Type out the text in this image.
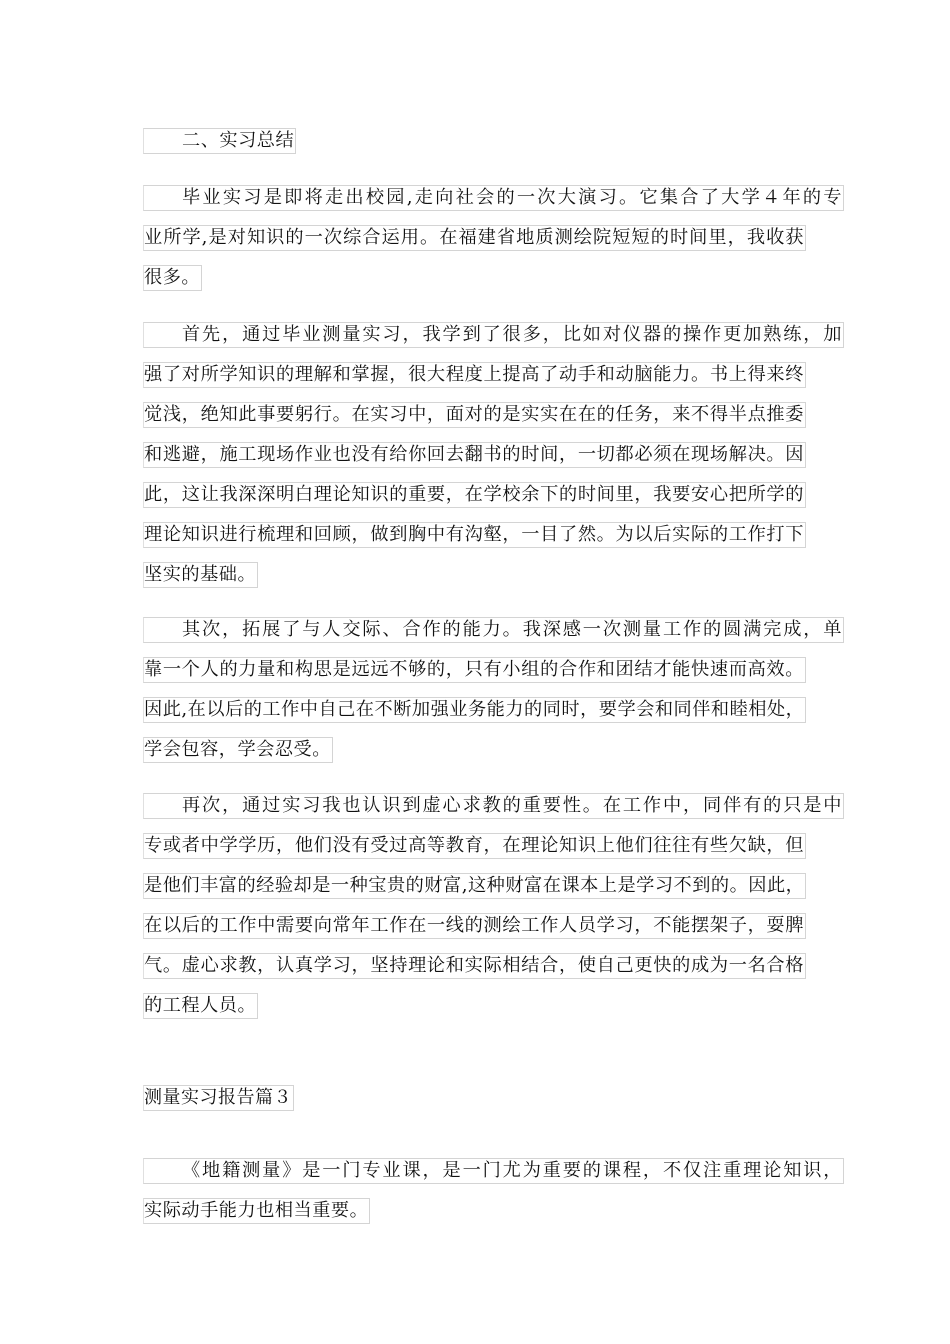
二、实习总结
毕业实习是即将走出校园,走向社会的一次大演习。它集合了大学４年的专
业所学,是对知识的一次综合运用。在福建省地质测绘院短短的时间里，我收获
很多。
首先，通过毕业测量实习，我学到了很多，比如对仪器的操作更加熟练，加
强了对所学知识的理解和掌握，很大程度上提高了动手和动脑能力。书上得来终
觉浅，绝知此事要躬行。在实习中，面对的是实实在在的任务，来不得半点推委
和逃避，施工现场作业也没有给你回去翻书的时间，一切都必须在现场解决。因
此，这让我深深明白理论知识的重要，在学校余下的时间里，我要安心把所学的
理论知识进行梳理和回顾，做到胸中有沟壑，一目了然。为以后实际的工作打下
坚实的基础。
其次，拓展了与人交际、合作的能力。我深感一次测量工作的圆满完成，单
靠一个人的力量和构思是远远不够的，只有小组的合作和团结才能快速而高效。
因此,在以后的工作中自己在不断加强业务能力的同时，要学会和同伴和睦相处，
学会包容，学会忍受。
再次，通过实习我也认识到虚心求教的重要性。在工作中，同伴有的只是中
专或者中学学历，他们没有受过高等教育，在理论知识上他们往往有些欠缺，但
是他们丰富的经验却是一种宝贵的财富,这种财富在课本上是学习不到的。因此，
在以后的工作中需要向常年工作在一线的测绘工作人员学习，不能摆架子，耍脾
气。虚心求教，认真学习，坚持理论和实际相结合，使自己更快的成为一名合格
的工程人员。
测量实习报告篇３
《地籍测量》是一门专业课，是一门尤为重要的课程，不仅注重理论知识，
实际动手能力也相当重要。
